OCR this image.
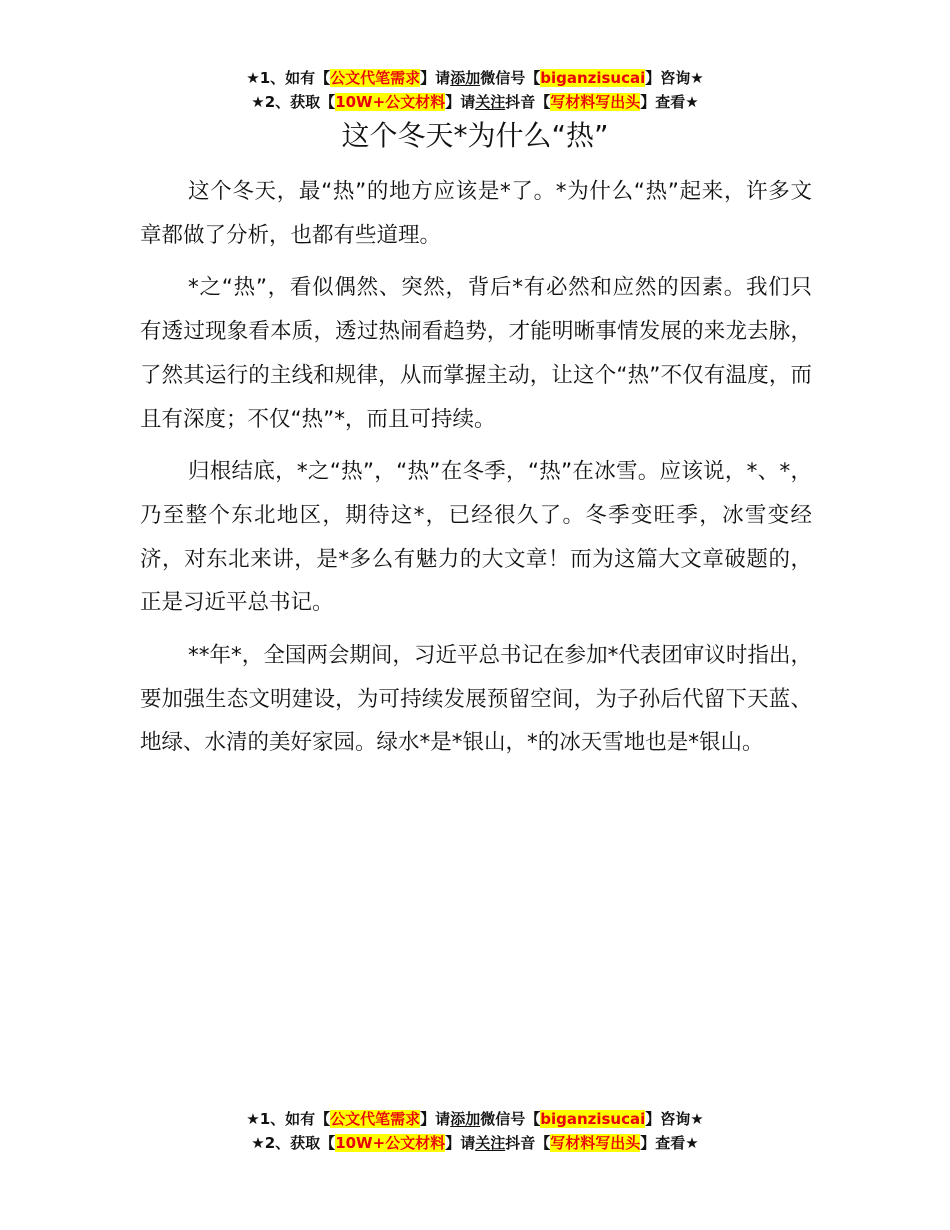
★1、如有【公文代笔需求】请添加微信号【biganzisucai】咨询★
★2、获取【10W+公文材料】请关注抖音【写材料写出头】查看★
这个冬天*为什么“热”

这个冬天，最“热”的地方应该是*了。*为什么“热”起来，许多文章都做了分析，也都有些道理。

*之“热”，看似偶然、突然，背后*有必然和应然的因素。我们只有透过现象看本质，透过热闹看趋势，才能明晰事情发展的来龙去脉，了然其运行的主线和规律，从而掌握主动，让这个“热”不仅有温度，而且有深度；不仅“热”*，而且可持续。

归根结底，*之“热”，“热”在冬季，“热”在冰雪。应该说，*、*，乃至整个东北地区，期待这*，已经很久了。冬季变旺季，冰雪变经济，对东北来讲，是*多么有魅力的大文章！而为这篇大文章破题的，正是习近平总书记。

**年*，全国两会期间，习近平总书记在参加*代表团审议时指出，要加强生态文明建设，为可持续发展预留空间，为子孙后代留下天蓝、地绿、水清的美好家园。绿水*是*银山，*的冰天雪地也是*银山。

★1、如有【公文代笔需求】请添加微信号【biganzisucai】咨询★
★2、获取【10W+公文材料】请关注抖音【写材料写出头】查看★
